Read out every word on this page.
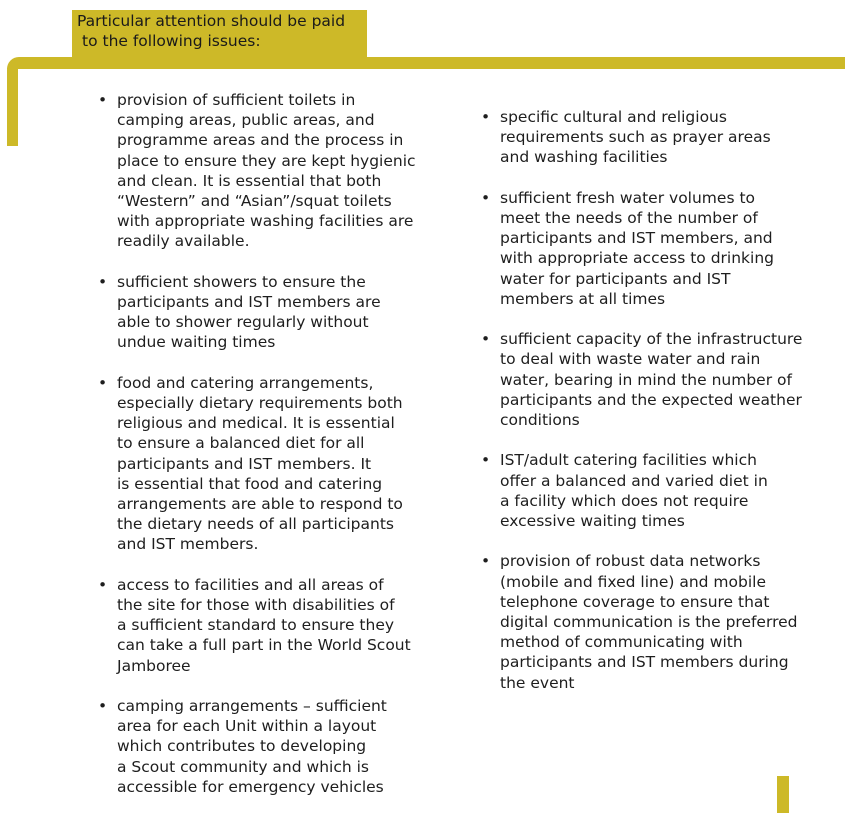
Particular attention should be paid
to the following issues:
• provision of sufficient toilets in
camping areas, public areas, and
programme areas and the process in
place to ensure they are kept hygienic
and clean. It is essential that both
“Western” and “Asian”/squat toilets
with appropriate washing facilities are
readily available.
• sufficient showers to ensure the
participants and IST members are
able to shower regularly without
undue waiting times
• food and catering arrangements,
especially dietary requirements both
religious and medical. It is essential
to ensure a balanced diet for all
participants and IST members. It
is essential that food and catering
arrangements are able to respond to
the dietary needs of all participants
and IST members.
• access to facilities and all areas of
the site for those with disabilities of
a sufficient standard to ensure they
can take a full part in the World Scout
Jamboree
• camping arrangements – sufficient
area for each Unit within a layout
which contributes to developing
a Scout community and which is
accessible for emergency vehicles
• specific cultural and religious
requirements such as prayer areas
and washing facilities
• sufficient fresh water volumes to
meet the needs of the number of
participants and IST members, and
with appropriate access to drinking
water for participants and IST
members at all times
• sufficient capacity of the infrastructure
to deal with waste water and rain
water, bearing in mind the number of
participants and the expected weather
conditions
• IST/adult catering facilities which
offer a balanced and varied diet in
a facility which does not require
excessive waiting times
• provision of robust data networks
(mobile and fixed line) and mobile
telephone coverage to ensure that
digital communication is the preferred
method of communicating with
participants and IST members during
the event
